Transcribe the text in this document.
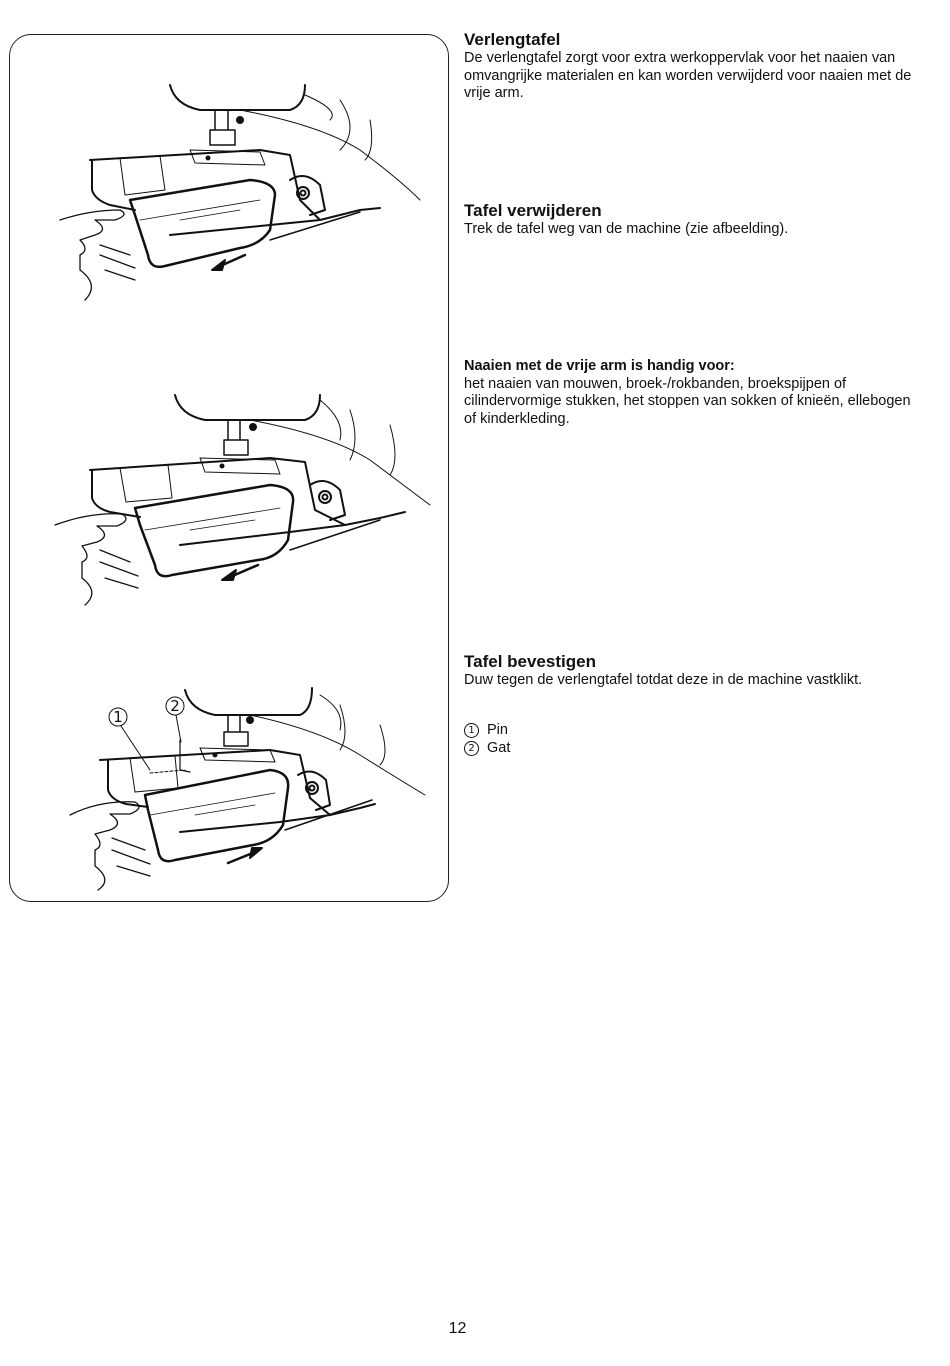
1
2
Verlengtafel

De verlengtafel zorgt voor extra werkoppervlak voor het naaien van omvangrijke materialen en kan worden verwijderd voor naaien met de vrije arm.

Tafel verwijderen

Trek de tafel weg van de machine (zie afbeelding).

Naaien met de vrije arm is handig voor:

het naaien van mouwen, broek-/rokbanden, broekspijpen of cilindervormige stukken, het stoppen van sokken of knieën, ellebogen of kinderkleding.

Tafel bevestigen

Duw tegen de verlengtafel totdat deze in de machine vastklikt.

1 Pin
2 Gat
12
